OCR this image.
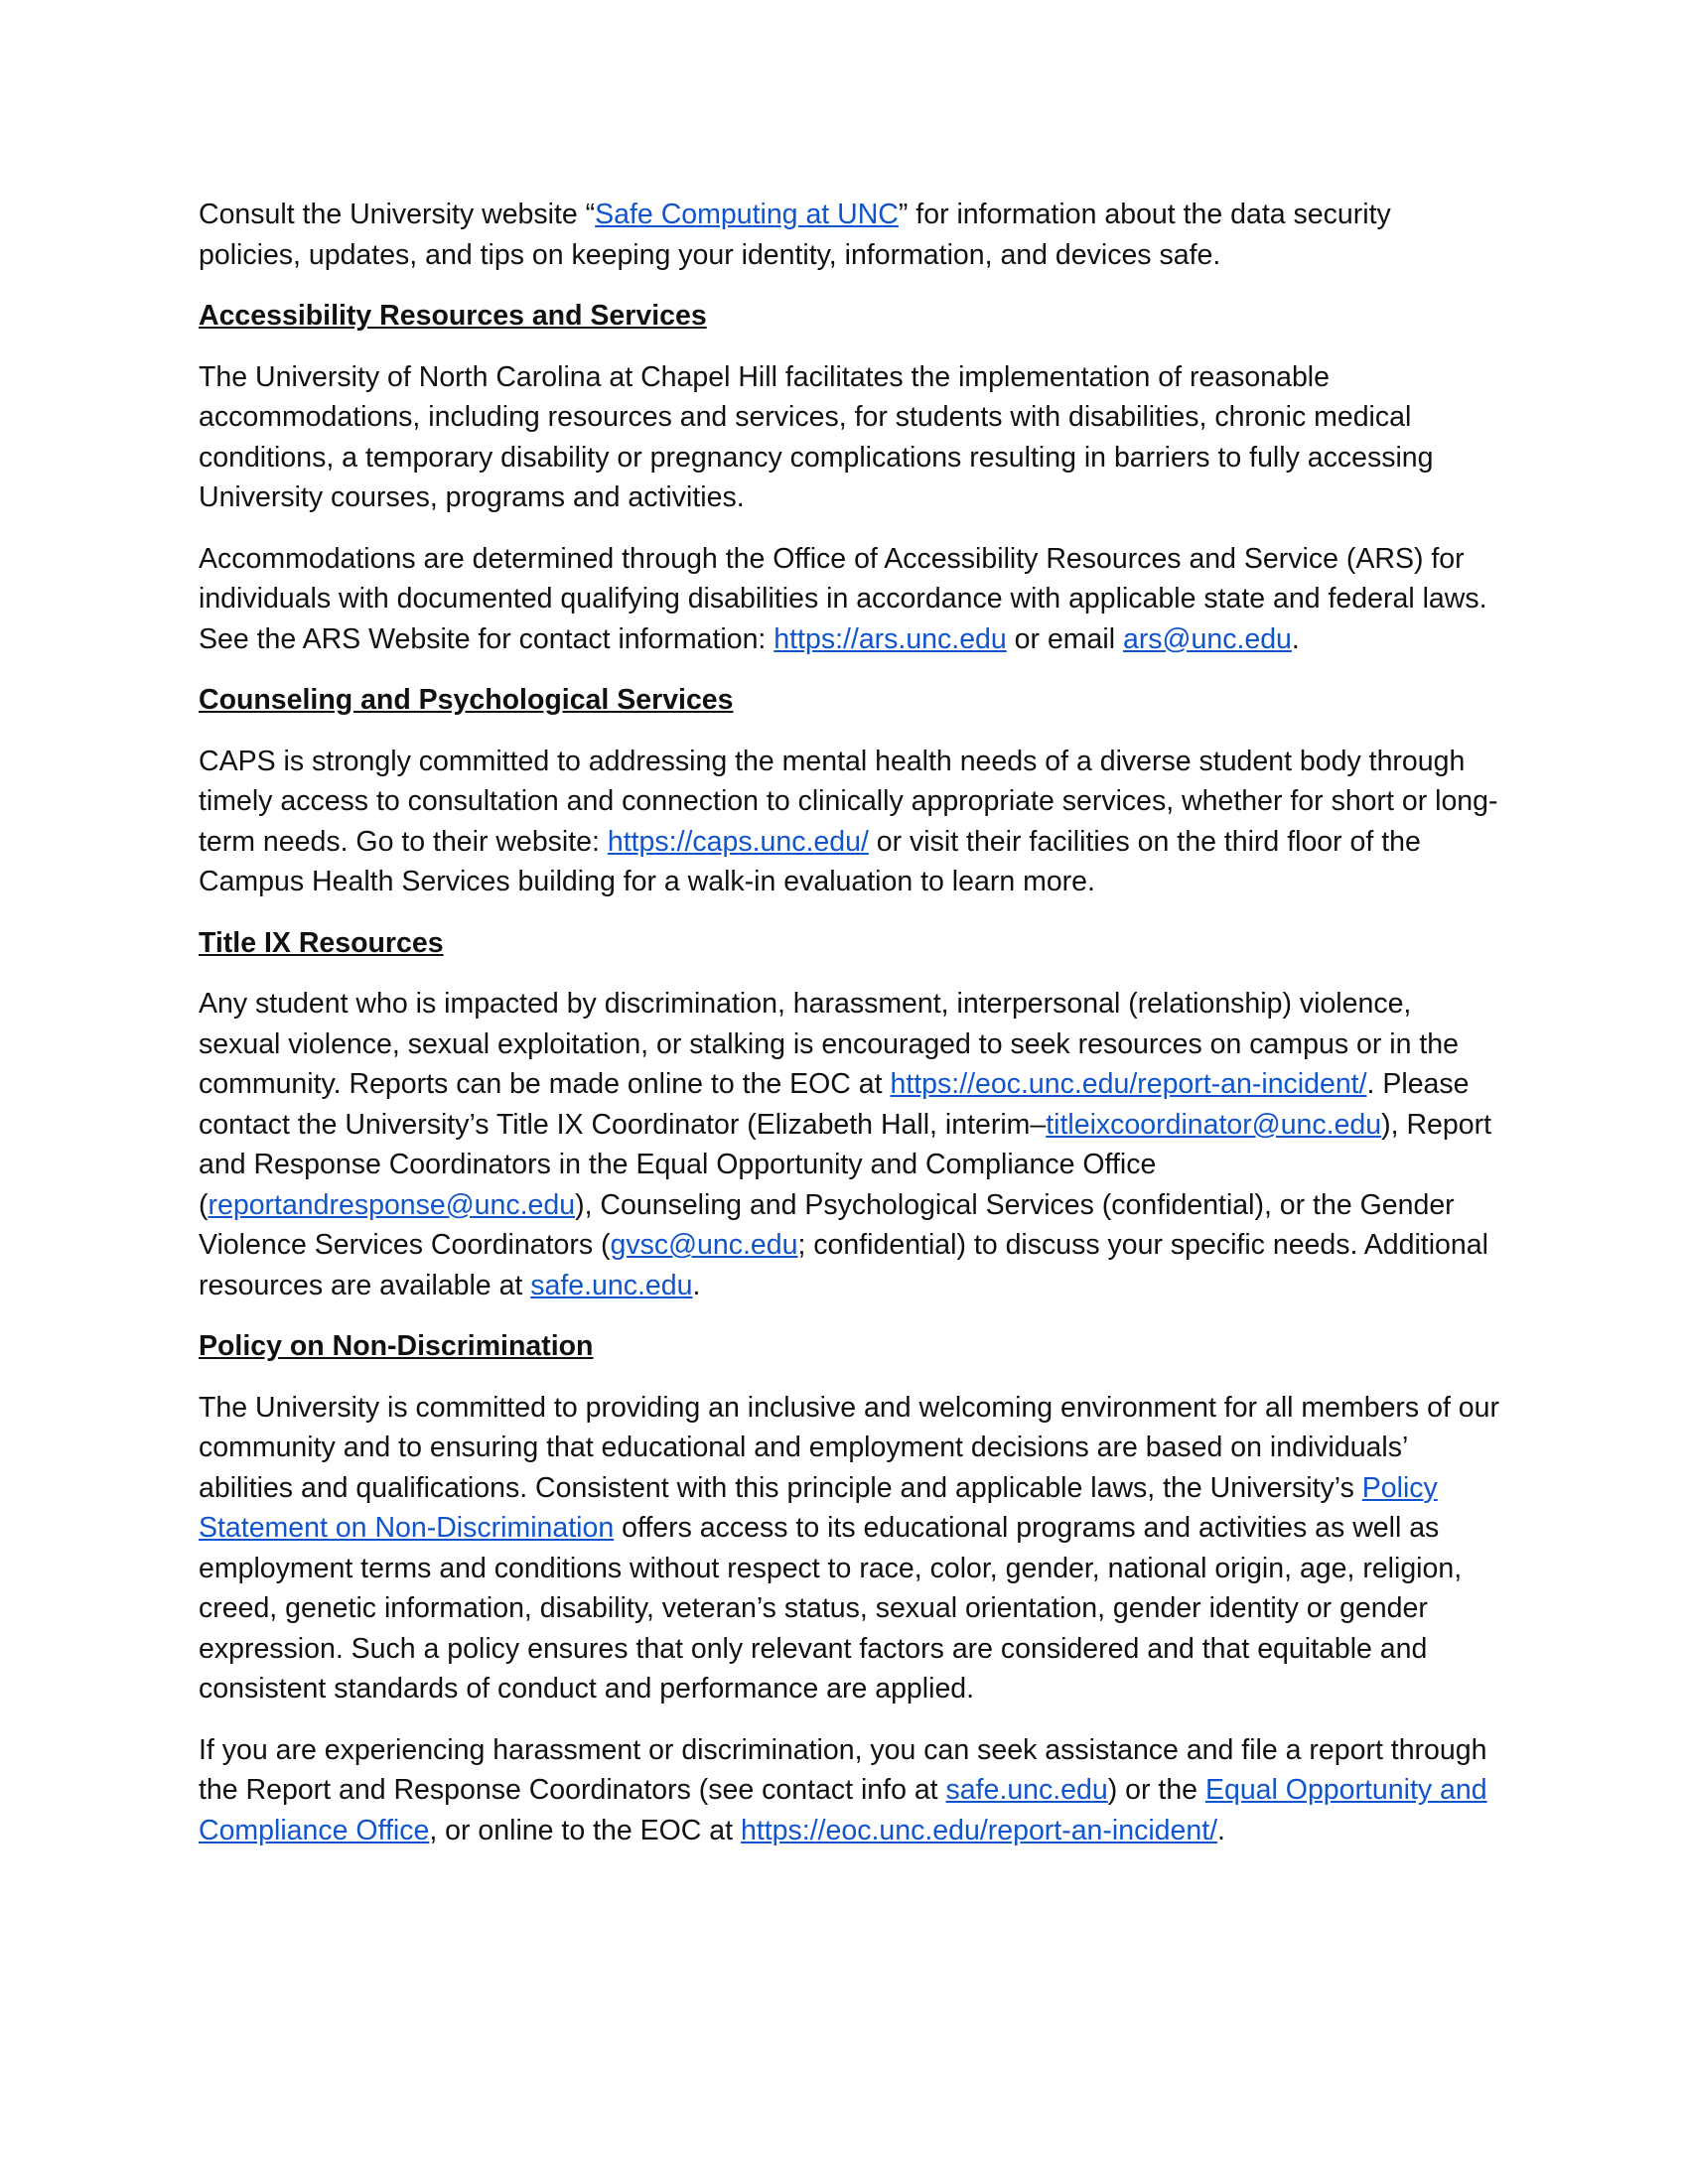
Consult the University website “Safe Computing at UNC” for information about the data security policies, updates, and tips on keeping your identity, information, and devices safe.

Accessibility Resources and Services

The University of North Carolina at Chapel Hill facilitates the implementation of reasonable accommodations, including resources and services, for students with disabilities, chronic medical conditions, a temporary disability or pregnancy complications resulting in barriers to fully accessing University courses, programs and activities.

Accommodations are determined through the Office of Accessibility Resources and Service (ARS) for individuals with documented qualifying disabilities in accordance with applicable state and federal laws. See the ARS Website for contact information: https://ars.unc.edu or email ars@unc.edu.

Counseling and Psychological Services

CAPS is strongly committed to addressing the mental health needs of a diverse student body through timely access to consultation and connection to clinically appropriate services, whether for short or long-term needs. Go to their website: https://caps.unc.edu/ or visit their facilities on the third floor of the Campus Health Services building for a walk-in evaluation to learn more.

Title IX Resources

Any student who is impacted by discrimination, harassment, interpersonal (relationship) violence, sexual violence, sexual exploitation, or stalking is encouraged to seek resources on campus or in the community. Reports can be made online to the EOC at https://eoc.unc.edu/report-an-incident/. Please contact the University’s Title IX Coordinator (Elizabeth Hall, interim–titleixcoordinator@unc.edu), Report and Response Coordinators in the Equal Opportunity and Compliance Office (reportandresponse@unc.edu), Counseling and Psychological Services (confidential), or the Gender Violence Services Coordinators (gvsc@unc.edu; confidential) to discuss your specific needs. Additional resources are available at safe.unc.edu.

Policy on Non-Discrimination

The University is committed to providing an inclusive and welcoming environment for all members of our community and to ensuring that educational and employment decisions are based on individuals’ abilities and qualifications. Consistent with this principle and applicable laws, the University’s Policy Statement on Non-Discrimination offers access to its educational programs and activities as well as employment terms and conditions without respect to race, color, gender, national origin, age, religion, creed, genetic information, disability, veteran’s status, sexual orientation, gender identity or gender expression. Such a policy ensures that only relevant factors are considered and that equitable and consistent standards of conduct and performance are applied.

If you are experiencing harassment or discrimination, you can seek assistance and file a report through the Report and Response Coordinators (see contact info at safe.unc.edu) or the Equal Opportunity and Compliance Office, or online to the EOC at https://eoc.unc.edu/report-an-incident/.
